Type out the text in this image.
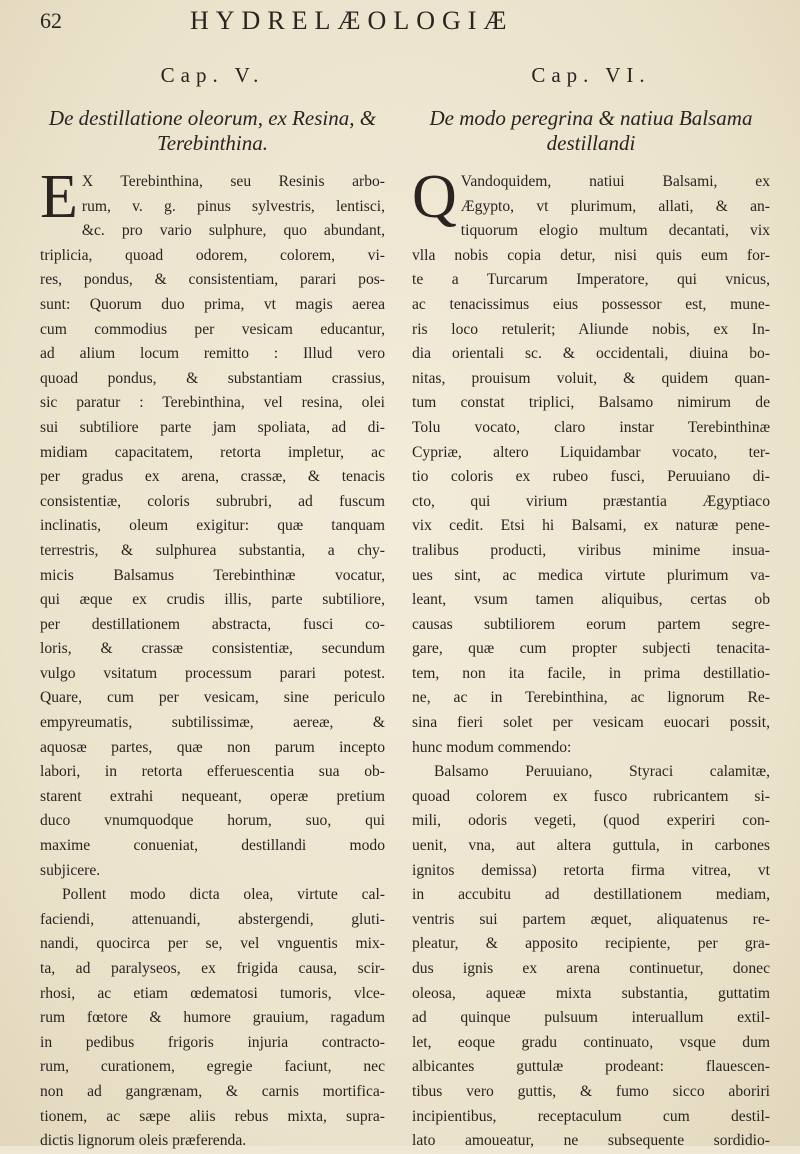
62	HYDRELÆOLOGIÆ
Cap. V.
De destillatione oleorum, ex Resina, &
Terebinthina.
E X Terebinthina, seu Resinis arbo-
rum, v. g. pinus sylvestris, lentisci,
&c. pro vario sulphure, quo abundant,
triplicia, quoad odorem, colorem, vi-
res, pondus, & consistentiam, parari pos-
sunt: Quorum duo prima, vt magis aerea
cum commodius per vesicam educantur,
ad alium locum remitto : Illud vero
quoad pondus, & substantiam crassius,
sic paratur : Terebinthina, vel resina, olei
sui subtiliore parte jam spoliata, ad di-
midiam capacitatem, retorta impletur, ac
per gradus ex arena, crassæ, & tenacis
consistentiæ, coloris subrubri, ad fuscum
inclinatis, oleum exigitur: quæ tanquam
terrestris, & sulphurea substantia, a chy-
micis Balsamus Terebinthinæ vocatur,
qui æque ex crudis illis, parte subtiliore,
per destillationem abstracta, fusci co-
loris, & crassæ consistentiæ, secundum
vulgo vsitatum processum parari potest.
Quare, cum per vesicam, sine periculo
empyreumatis, subtilissimæ, aereæ, &
aquosæ partes, quæ non parum incepto
labori, in retorta efferuescentia sua ob-
starent extrahi nequeant, operæ pretium
duco vnumquodque horum, suo, qui
maxime conueniat, destillandi modo
subjicere.
Pollent modo dicta olea, virtute cal-
faciendi, attenuandi, abstergendi, gluti-
nandi, quocirca per se, vel vnguentis mix-
ta, ad paralyseos, ex frigida causa, scir-
rhosi, ac etiam œdematosi tumoris, vlce-
rum fœtore & humore grauium, ragadum
in pedibus frigoris injuria contracto-
rum, curationem, egregie faciunt, nec
non ad gangrænam, & carnis mortifica-
tionem, ac sæpe aliis rebus mixta, supra-
dictis lignorum oleis præferenda.
Cap. VI.
De modo peregrina & natiua Balsama
destillandi
Q Vandoquidem, natiui Balsami, ex
Ægypto, vt plurimum, allati, & an-
tiquorum elogio multum decantati, vix
vlla nobis copia detur, nisi quis eum for-
te a Turcarum Imperatore, qui vnicus,
ac tenacissimus eius possessor est, mune-
ris loco retulerit; Aliunde nobis, ex In-
dia orientali sc. & occidentali, diuina bo-
nitas, prouisum voluit, & quidem quan-
tum constat triplici, Balsamo nimirum de
Tolu vocato, claro instar Terebinthinæ
Cypriæ, altero Liquidambar vocato, ter-
tio coloris ex rubeo fusci, Peruuiano di-
cto, qui virium præstantia Ægyptiaco
vix cedit. Etsi hi Balsami, ex naturæ pene-
tralibus producti, viribus minime insua-
ues sint, ac medica virtute plurimum va-
leant, vsum tamen aliquibus, certas ob
causas subtiliorem eorum partem segre-
gare, quæ cum propter subjecti tenacita-
tem, non ita facile, in prima destillatio-
ne, ac in Terebinthina, ac lignorum Re-
sina fieri solet per vesicam euocari possit,
hunc modum commendo:
Balsamo Peruuiano, Styraci calamitæ,
quoad colorem ex fusco rubricantem si-
mili, odoris vegeti, (quod experiri con-
uenit, vna, aut altera guttula, in carbones
ignitos demissa) retorta firma vitrea, vt
in accubitu ad destillationem mediam,
ventris sui partem æquet, aliquatenus re-
pleatur, & apposito recipiente, per gra-
dus ignis ex arena continuetur, donec
oleosa, aqueæ mixta substantia, guttatim
ad quinque pulsuum interuallum extil-
let, eoque gradu continuato, vsque dum
albicantes guttulæ prodeant: flauescen-
tibus vero guttis, & fumo sicco aboriri
incipientibus, receptaculum cum destil-
lato amoueatur, ne subsequente sordidio-
